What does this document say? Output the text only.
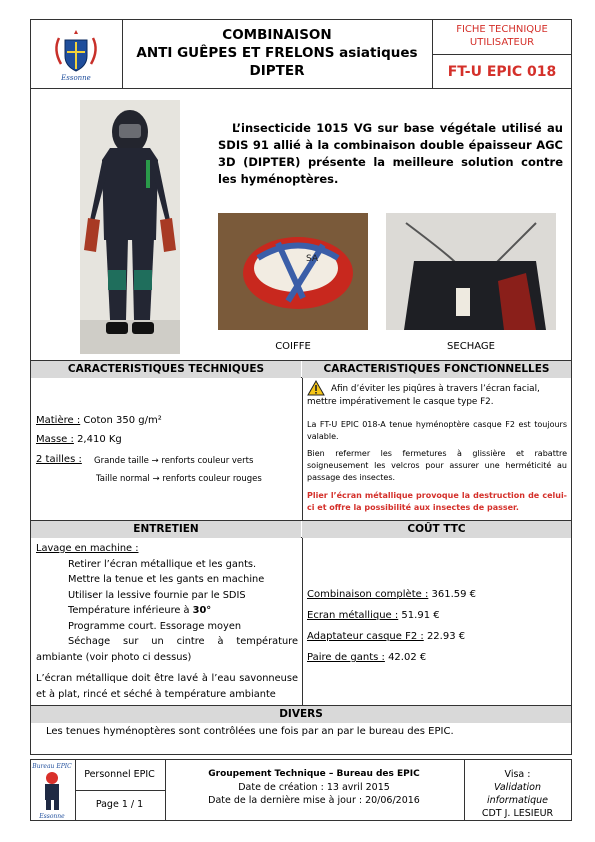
Essonne
COMBINAISON
ANTI GUÊPES ET FRELONS asiatiques
DIPTER
FICHE TECHNIQUE
UTILISATEUR
FT-U EPIC 018
L’insecticide 1015 VG sur base végétale utilisé au SDIS 91 allié à la combinaison double épaisseur AGC 3D (DIPTER) présente la meilleure solution contre les hyménoptères.
SA
COIFFE	SECHAGE
CARACTERISTIQUES TECHNIQUES	CARACTERISTIQUES FONCTIONNELLES
Matière : Coton 350 g/m²
Masse : 2,410 Kg
2 tailles :	Grande taille → renforts couleur verts
Taille normal → renforts couleur rouges
Afin d’éviter les piqûres à travers l’écran facial, mettre impérativement le casque type F2.
La FT-U EPIC 018-A tenue hyménoptère casque F2 est toujours valable.
Bien refermer les fermetures à glissière et rabattre soigneusement les velcros pour assurer une herméticité au passage des insectes.
Plier l’écran métallique provoque la destruction de celui-ci et offre la possibilité aux insectes de passer.
ENTRETIEN	COÛT TTC
Lavage en machine :
Retirer l’écran métallique et les gants.
Mettre la tenue et les gants en machine
Utiliser la lessive fournie par le SDIS
Température inférieure à 30°
Programme court. Essorage moyen
Séchage sur un cintre à température ambiante (voir photo ci dessus)
L’écran métallique doit être lavé à l’eau savonneuse et à plat, rincé et séché à température ambiante
Combinaison complète : 361.59 €
Ecran métallique : 51.91 €
Adaptateur casque F2 : 22.93 €
Paire de gants : 42.02 €
DIVERS
Les tenues hyménoptères sont contrôlées une fois par an par le bureau des EPIC.
Bureau EPIC
Essonne
Personnel EPIC
Page 1 / 1
Groupement Technique – Bureau des EPIC
Date de création : 13 avril 2015
Date de la dernière mise à jour : 20/06/2016
Visa :
Validation informatique
CDT J. LESIEUR
